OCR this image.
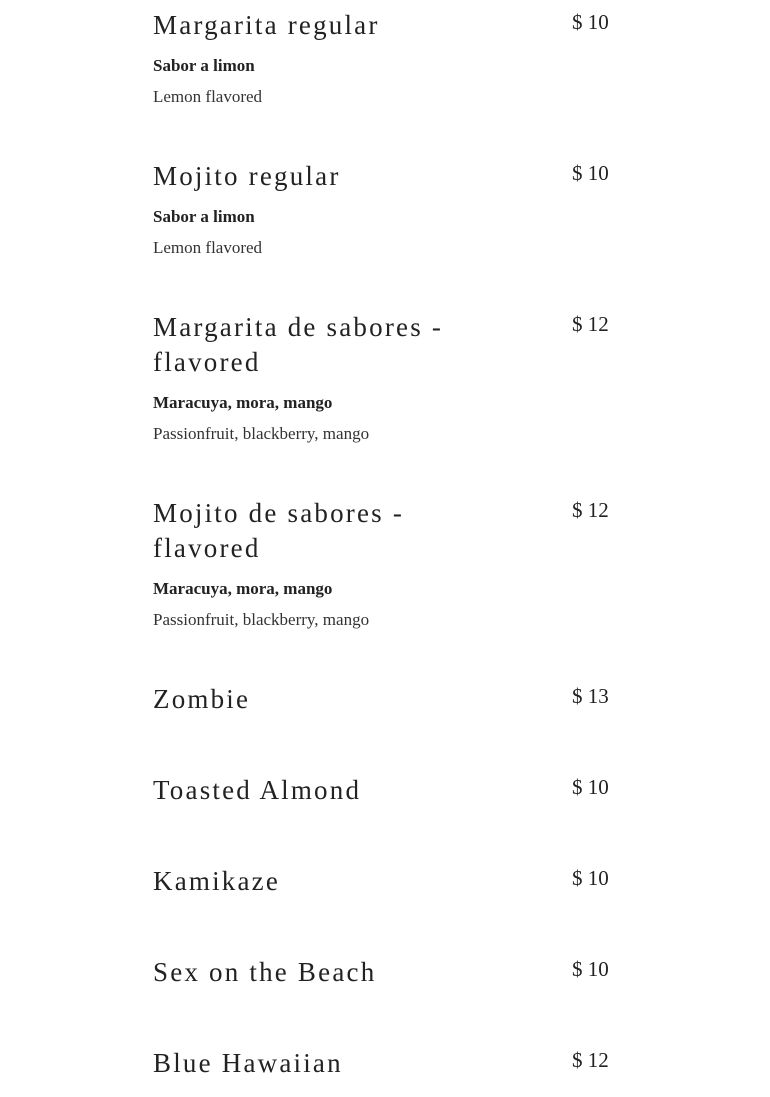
Margarita regular	$ 10
Sabor a limon
Lemon flavored
Mojito regular	$ 10
Sabor a limon
Lemon flavored
Margarita de sabores - flavored
$ 12
Maracuya, mora, mango
Passionfruit, blackberry, mango
Mojito de sabores - flavored
$ 12
Maracuya, mora, mango
Passionfruit, blackberry, mango
Zombie	$ 13
Toasted Almond	$ 10
Kamikaze	$ 10
Sex on the Beach	$ 10
Blue Hawaiian	$ 12
